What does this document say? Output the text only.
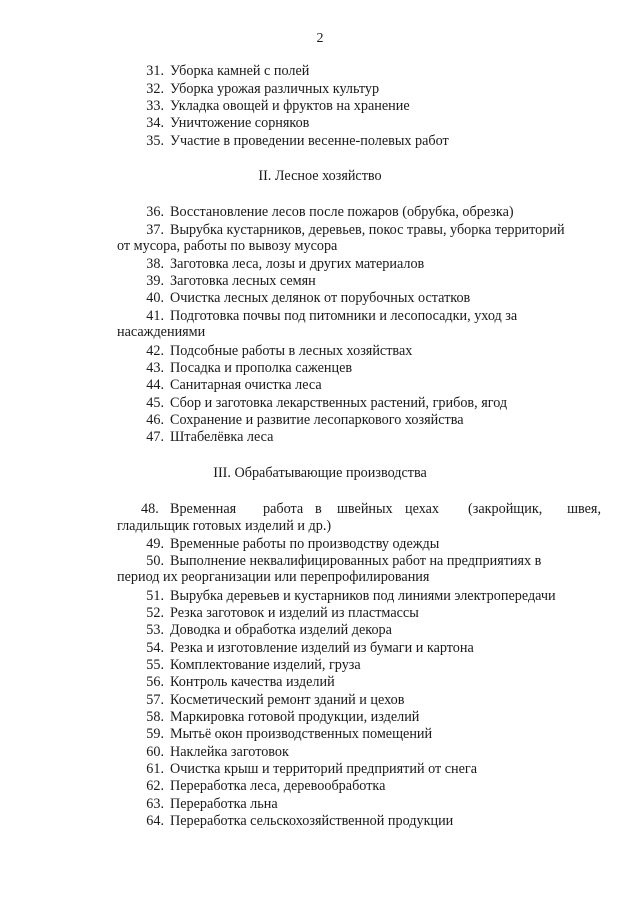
2
31. Уборка камней с полей
32. Уборка урожая различных культур
33. Укладка овощей и фруктов на хранение
34. Уничтожение сорняков
35. Участие в проведении весенне-полевых работ
II. Лесное хозяйство
36. Восстановление лесов после пожаров (обрубка, обрезка)
37. Вырубка кустарников, деревьев, покос травы, уборка территорий
от мусора, работы по вывозу мусора
38. Заготовка леса, лозы и других материалов
39. Заготовка лесных семян
40. Очистка лесных делянок от порубочных остатков
41. Подготовка почвы под питомники и лесопосадки, уход за
насаждениями
42. Подсобные работы в лесных хозяйствах
43. Посадка и прополка саженцев
44. Санитарная очистка леса
45. Сбор и заготовка лекарственных растений, грибов, ягод
46. Сохранение и развитие лесопаркового хозяйства
47. Штабелёвка леса
III. Обрабатывающие производства
48. Временная работа в швейных цехах (закройщик, швея,
гладильщик готовых изделий и др.)
49. Временные работы по производству одежды
50. Выполнение неквалифицированных работ на предприятиях в
период их реорганизации или перепрофилирования
51. Вырубка деревьев и кустарников под линиями электропередачи
52. Резка заготовок и изделий из пластмассы
53. Доводка и обработка изделий декора
54. Резка и изготовление изделий из бумаги и картона
55. Комплектование изделий, груза
56. Контроль качества изделий
57. Косметический ремонт зданий и цехов
58. Маркировка готовой продукции, изделий
59. Мытьё окон производственных помещений
60. Наклейка заготовок
61. Очистка крыш и территорий предприятий от снега
62. Переработка леса, деревообработка
63. Переработка льна
64. Переработка сельскохозяйственной продукции
